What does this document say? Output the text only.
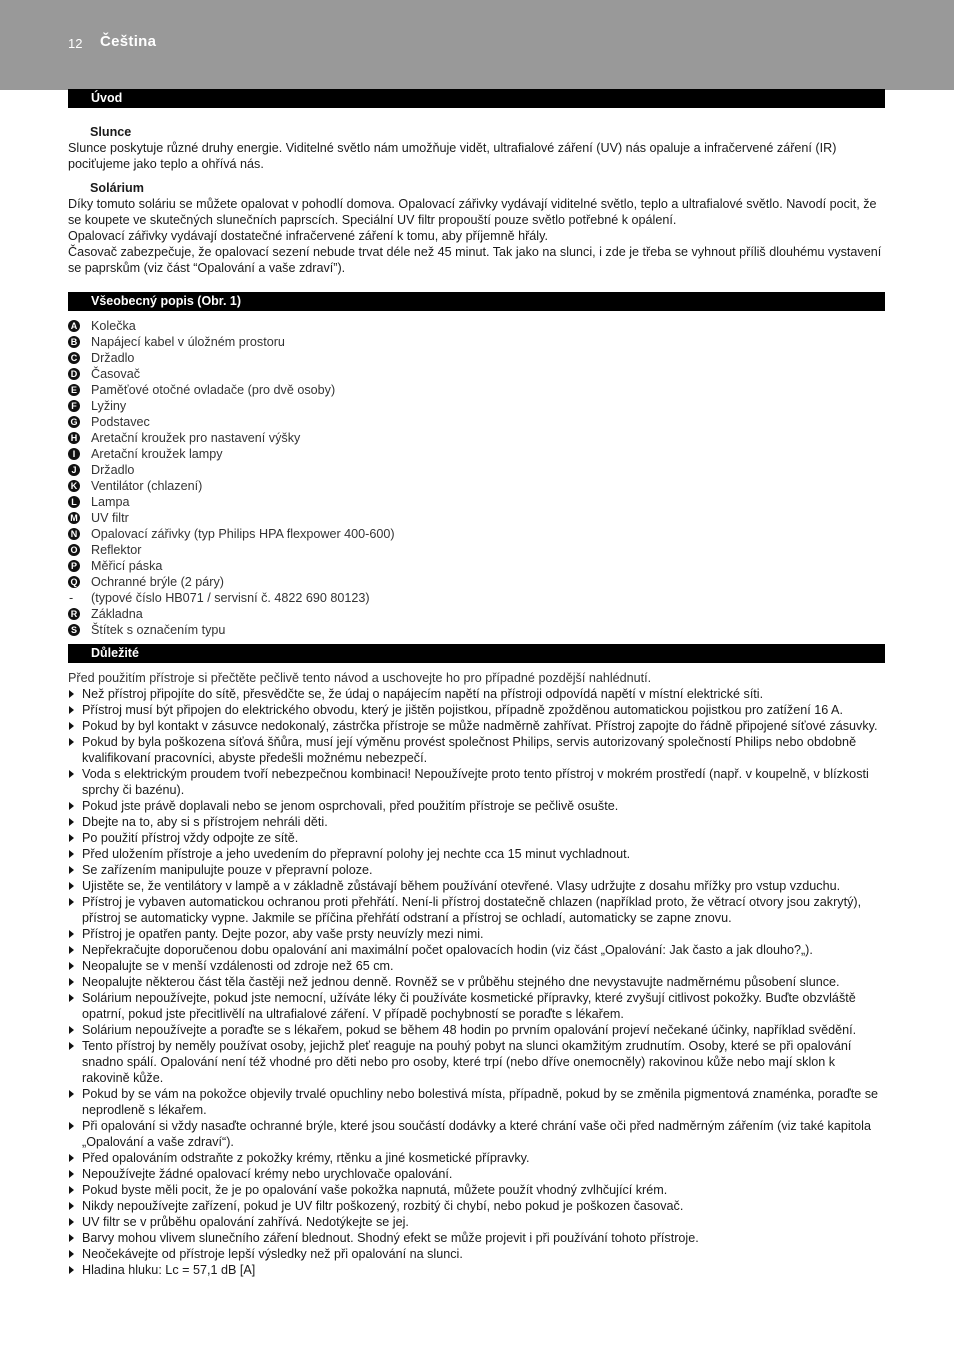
12 Čeština
Úvod
Slunce

Slunce poskytuje různé druhy energie. Viditelné světlo nám umožňuje vidět, ultrafialové záření (UV) nás opaluje a infračervené záření (IR) pociťujeme jako teplo a ohřívá nás.

Solárium

Díky tomuto soláriu se můžete opalovat v pohodlí domova. Opalovací zářivky vydávají viditelné světlo, teplo a ultrafialové světlo. Navodí pocit, že se koupete ve skutečných slunečních paprscích. Speciální UV filtr propouští pouze světlo potřebné k opálení.

Opalovací zářivky vydávají dostatečné infračervené záření k tomu, aby příjemně hřály.

Časovač zabezpečuje, že opalovací sezení nebude trvat déle než 45 minut. Tak jako na slunci, i zde je třeba se vyhnout příliš dlouhému vystavení se paprskům (viz část “Opalování a vaše zdraví”).

Všeobecný popis (Obr. 1)
A Kolečka
B Napájecí kabel v úložném prostoru
C Držadlo
D Časovač
E Paměťové otočné ovladače (pro dvě osoby)
F Lyžiny
G Podstavec
H Aretační kroužek pro nastavení výšky
I	Aretační kroužek lampy
J Držadlo
K Ventilátor (chlazení)
L Lampa
M UV filtr
N Opalovací zářivky (typ Philips HPA flexpower 400-600)
O Reflektor
P Měřicí páska
Q Ochranné brýle (2 páry)
- (typové číslo HB071 / servisní č. 4822 690 80123)
R Základna
S Štítek s označením typu
Důležité

Před použitím přístroje si přečtěte pečlivě tento návod a uschovejte ho pro případné pozdější nahlédnutí.

Než přístroj připojíte do sítě, přesvědčte se, že údaj o napájecím napětí na přístroji odpovídá napětí v místní elektrické síti.
Přístroj musí být připojen do elektrického obvodu, který je jištěn pojistkou, případně zpožděnou automatickou pojistkou pro zatížení 16 A.
Pokud by byl kontakt v zásuvce nedokonalý, zástrčka přístroje se může nadměrně zahřívat. Přístroj zapojte do řádně připojené síťové zásuvky.
Pokud by byla poškozena síťová šňůra, musí její výměnu provést společnost Philips, servis autorizovaný společností Philips nebo obdobně kvalifikovaní pracovníci, abyste předešli možnému nebezpečí.
Voda s elektrickým proudem tvoří nebezpečnou kombinaci! Nepoužívejte proto tento přístroj v mokrém prostředí (např. v koupelně, v blízkosti sprchy či bazénu).
Pokud jste právě doplavali nebo se jenom osprchovali, před použitím přístroje se pečlivě osušte.
Dbejte na to, aby si s přístrojem nehráli děti.
Po použití přístroj vždy odpojte ze sítě.
Před uložením přístroje a jeho uvedením do přepravní polohy jej nechte cca 15 minut vychladnout.
Se zařízením manipulujte pouze v přepravní poloze.
Ujistěte se, že ventilátory v lampě a v základně zůstávají během používání otevřené. Vlasy udržujte z dosahu mřížky pro vstup vzduchu.
Přístroj je vybaven automatickou ochranou proti přehřátí. Není-li přístroj dostatečně chlazen (například proto, že větrací otvory jsou zakrytý), přístroj se automaticky vypne. Jakmile se příčina přehřátí odstraní a přístroj se ochladí, automaticky se zapne znovu.
Přístroj je opatřen panty. Dejte pozor, aby vaše prsty neuvízly mezi nimi.
Nepřekračujte doporučenou dobu opalování ani maximální počet opalovacích hodin (viz část „Opalování: Jak často a jak dlouho?„).
Neopalujte se v menší vzdálenosti od zdroje než 65 cm.
Neopalujte některou část těla častěji než jednou denně. Rovněž se v průběhu stejného dne nevystavujte nadměrnému působení slunce.
Solárium nepoužívejte, pokud jste nemocní, užíváte léky či používáte kosmetické přípravky, které zvyšují citlivost pokožky. Buďte obzvláště opatrní, pokud jste přecitlivělí na ultrafialové záření. V případě pochybností se poraďte s lékařem.
Solárium nepoužívejte a poraďte se s lékařem, pokud se během 48 hodin po prvním opalování projeví nečekané účinky, například svědění.
Tento přístroj by neměly používat osoby, jejichž pleť reaguje na pouhý pobyt na slunci okamžitým zrudnutím. Osoby, které se při opalování snadno spálí. Opalování není též vhodné pro děti nebo pro osoby, které trpí (nebo dříve onemocněly) rakovinou kůže nebo mají sklon k rakovině kůže.
Pokud by se vám na pokožce objevily trvalé opuchliny nebo bolestivá místa, případně, pokud by se změnila pigmentová znaménka, poraďte se neprodleně s lékařem.
Při opalování si vždy nasaďte ochranné brýle, které jsou součástí dodávky a které chrání vaše oči před nadměrným zářením (viz také kapitola „Opalování a vaše zdraví“).
Před opalováním odstraňte z pokožky krémy, rtěnku a jiné kosmetické přípravky.
Nepoužívejte žádné opalovací krémy nebo urychlovače opalování.
Pokud byste měli pocit, že je po opalování vaše pokožka napnutá, můžete použít vhodný zvlhčující krém.
Nikdy nepoužívejte zařízení, pokud je UV filtr poškozený, rozbitý či chybí, nebo pokud je poškozen časovač.
UV filtr se v průběhu opalování zahřívá. Nedotýkejte se jej.
Barvy mohou vlivem slunečního záření blednout. Shodný efekt se může projevit i při používání tohoto přístroje.
Neočekávejte od přístroje lepší výsledky než při opalování na slunci.
Hladina hluku: Lc = 57,1 dB [A]
